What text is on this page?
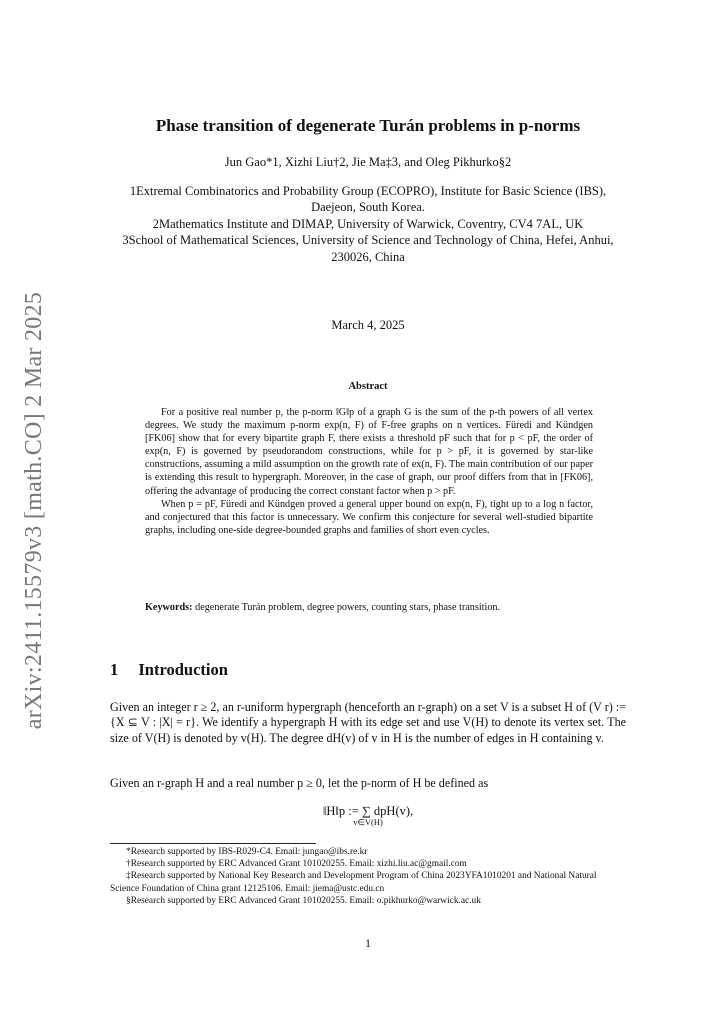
arXiv:2411.15579v3 [math.CO] 2 Mar 2025
Phase transition of degenerate Turán problems in p-norms
Jun Gao*1, Xizhi Liu†2, Jie Ma‡3, and Oleg Pikhurko§2

1Extremal Combinatorics and Probability Group (ECOPRO), Institute for Basic Science (IBS), Daejeon, South Korea.

2Mathematics Institute and DIMAP, University of Warwick, Coventry, CV4 7AL, UK

3School of Mathematical Sciences, University of Science and Technology of China, Hefei, Anhui, 230026, China

March 4, 2025
Abstract

For a positive real number p, the p-norm ‖G‖p of a graph G is the sum of the p-th powers of all vertex degrees. We study the maximum p-norm exp(n, F) of F-free graphs on n vertices. Füredi and Kündgen [FK06] show that for every bipartite graph F, there exists a threshold pF such that for p < pF, the order of exp(n, F) is governed by pseudorandom constructions, while for p > pF, it is governed by star-like constructions, assuming a mild assumption on the growth rate of ex(n, F). The main contribution of our paper is extending this result to hypergraph. Moreover, in the case of graph, our proof differs from that in [FK06], offering the advantage of producing the correct constant factor when p > pF.

When p = pF, Füredi and Kündgen proved a general upper bound on exp(n, F), tight up to a log n factor, and conjectured that this factor is unnecessary. We confirm this conjecture for several well-studied bipartite graphs, including one-side degree-bounded graphs and families of short even cycles.

Keywords: degenerate Turán problem, degree powers, counting stars, phase transition.
1 Introduction

Given an integer r ≥ 2, an r-uniform hypergraph (henceforth an r-graph) on a set V is a subset H of (V r) := {X ⊆ V : |X| = r}. We identify a hypergraph H with its edge set and use V(H) to denote its vertex set. The size of V(H) is denoted by v(H). The degree dH(v) of v in H is the number of edges in H containing v.

Given an r-graph H and a real number p ≥ 0, let the p-norm of H be defined as

‖H‖p := ∑ dpH(v),
v∈V(H)

*Research supported by IBS-R029-C4. Email: jungao@ibs.re.kr

†Research supported by ERC Advanced Grant 101020255. Email: xizhi.liu.ac@gmail.com

‡Research supported by National Key Research and Development Program of China 2023YFA1010201 and National Natural Science Foundation of China grant 12125106. Email: jiema@ustc.edu.cn

§Research supported by ERC Advanced Grant 101020255. Email: o.pikhurko@warwick.ac.uk

1
